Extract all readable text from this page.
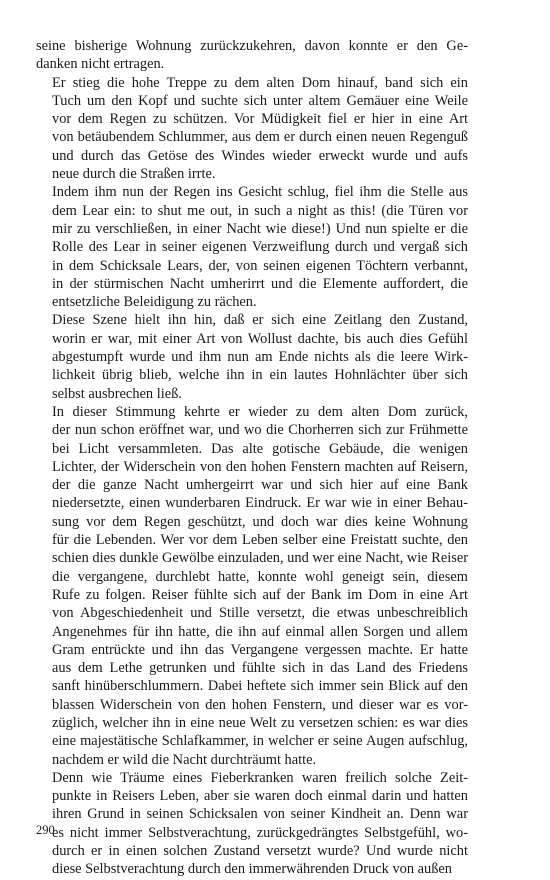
seine bisherige Wohnung zurückzukehren, davon konnte er den Ge-
danken nicht ertragen.
Er stieg die hohe Treppe zu dem alten Dom hinauf, band sich ein
Tuch um den Kopf und suchte sich unter altem Gemäuer eine Weile
vor dem Regen zu schützen. Vor Müdigkeit fiel er hier in eine Art
von betäubendem Schlummer, aus dem er durch einen neuen Regenguß
und durch das Getöse des Windes wieder erweckt wurde und aufs
neue durch die Straßen irrte.
Indem ihm nun der Regen ins Gesicht schlug, fiel ihm die Stelle aus
dem Lear ein: to shut me out, in such a night as this! (die Türen vor
mir zu verschließen, in einer Nacht wie diese!) Und nun spielte er die
Rolle des Lear in seiner eigenen Verzweiflung durch und vergaß sich
in dem Schicksale Lears, der, von seinen eigenen Töchtern verbannt,
in der stürmischen Nacht umherirrt und die Elemente auffordert, die
entsetzliche Beleidigung zu rächen.
Diese Szene hielt ihn hin, daß er sich eine Zeitlang den Zustand,
worin er war, mit einer Art von Wollust dachte, bis auch dies Gefühl
abgestumpft wurde und ihm nun am Ende nichts als die leere Wirk-
lichkeit übrig blieb, welche ihn in ein lautes Hohnlächter über sich
selbst ausbrechen ließ.
In dieser Stimmung kehrte er wieder zu dem alten Dom zurück,
der nun schon eröffnet war, und wo die Chorherren sich zur Frühmette
bei Licht versammleten. Das alte gotische Gebäude, die wenigen
Lichter, der Widerschein von den hohen Fenstern machten auf Reisern,
der die ganze Nacht umhergeirrt war und sich hier auf eine Bank
niedersetzte, einen wunderbaren Eindruck. Er war wie in einer Behau-
sung vor dem Regen geschützt, und doch war dies keine Wohnung
für die Lebenden. Wer vor dem Leben selber eine Freistatt suchte, den
schien dies dunkle Gewölbe einzuladen, und wer eine Nacht, wie Reiser
die vergangene, durchlebt hatte, konnte wohl geneigt sein, diesem
Rufe zu folgen. Reiser fühlte sich auf der Bank im Dom in eine Art
von Abgeschiedenheit und Stille versetzt, die etwas unbeschreiblich
Angenehmes für ihn hatte, die ihn auf einmal allen Sorgen und allem
Gram entrückte und ihn das Vergangene vergessen machte. Er hatte
aus dem Lethe getrunken und fühlte sich in das Land des Friedens
sanft hinüberschlummern. Dabei heftete sich immer sein Blick auf den
blassen Widerschein von den hohen Fenstern, und dieser war es vor-
züglich, welcher ihn in eine neue Welt zu versetzen schien: es war dies
eine majestätische Schlafkammer, in welcher er seine Augen aufschlug,
nachdem er wild die Nacht durchträumt hatte.
Denn wie Träume eines Fieberkranken waren freilich solche Zeit-
punkte in Reisers Leben, aber sie waren doch einmal darin und hatten
ihren Grund in seinen Schicksalen von seiner Kindheit an. Denn war
es nicht immer Selbstverachtung, zurückgedrängtes Selbstgefühl, wo-
durch er in einen solchen Zustand versetzt wurde? Und wurde nicht
diese Selbstverachtung durch den immerwährenden Druck von außen
290
